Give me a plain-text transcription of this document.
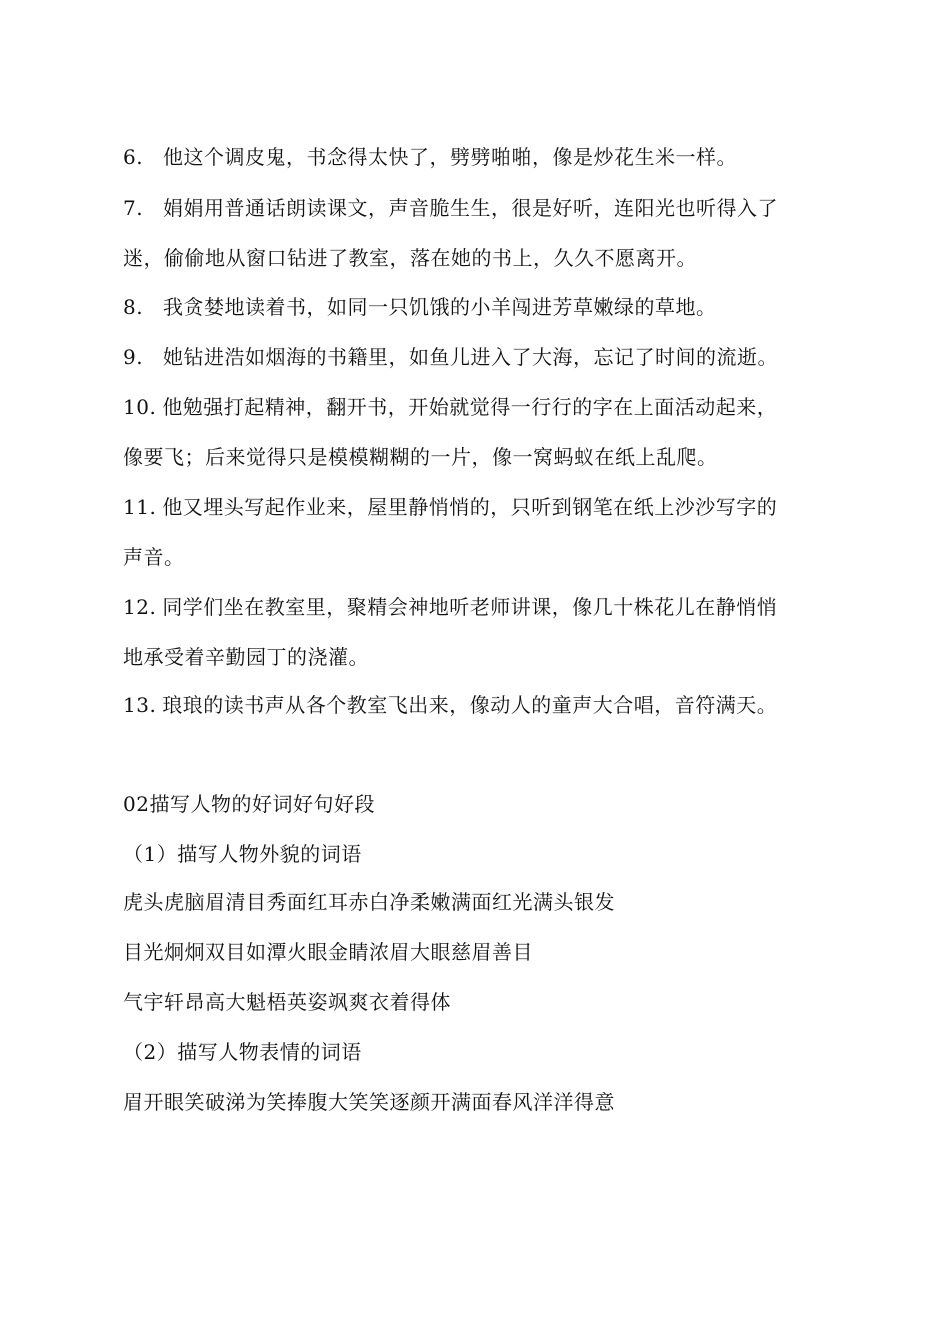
6. 他这个调皮鬼，书念得太快了，劈劈啪啪，像是炒花生米一样。
7. 娟娟用普通话朗读课文，声音脆生生，很是好听，连阳光也听得入了
迷，偷偷地从窗口钻进了教室，落在她的书上，久久不愿离开。
8. 我贪婪地读着书，如同一只饥饿的小羊闯进芳草嫩绿的草地。
9. 她钻进浩如烟海的书籍里，如鱼儿进入了大海，忘记了时间的流逝。
10. 他勉强打起精神，翻开书，开始就觉得一行行的字在上面活动起来，
像要飞；后来觉得只是模模糊糊的一片，像一窝蚂蚁在纸上乱爬。
11. 他又埋头写起作业来，屋里静悄悄的，只听到钢笔在纸上沙沙写字的
声音。
12. 同学们坐在教室里，聚精会神地听老师讲课，像几十株花儿在静悄悄
地承受着辛勤园丁的浇灌。
13. 琅琅的读书声从各个教室飞出来，像动人的童声大合唱，音符满天。
02描写人物的好词好句好段
（1）描写人物外貌的词语
虎头虎脑眉清目秀面红耳赤白净柔嫩满面红光满头银发
目光炯炯双目如潭火眼金睛浓眉大眼慈眉善目
气宇轩昂高大魁梧英姿飒爽衣着得体
（2）描写人物表情的词语
眉开眼笑破涕为笑捧腹大笑笑逐颜开满面春风洋洋得意
